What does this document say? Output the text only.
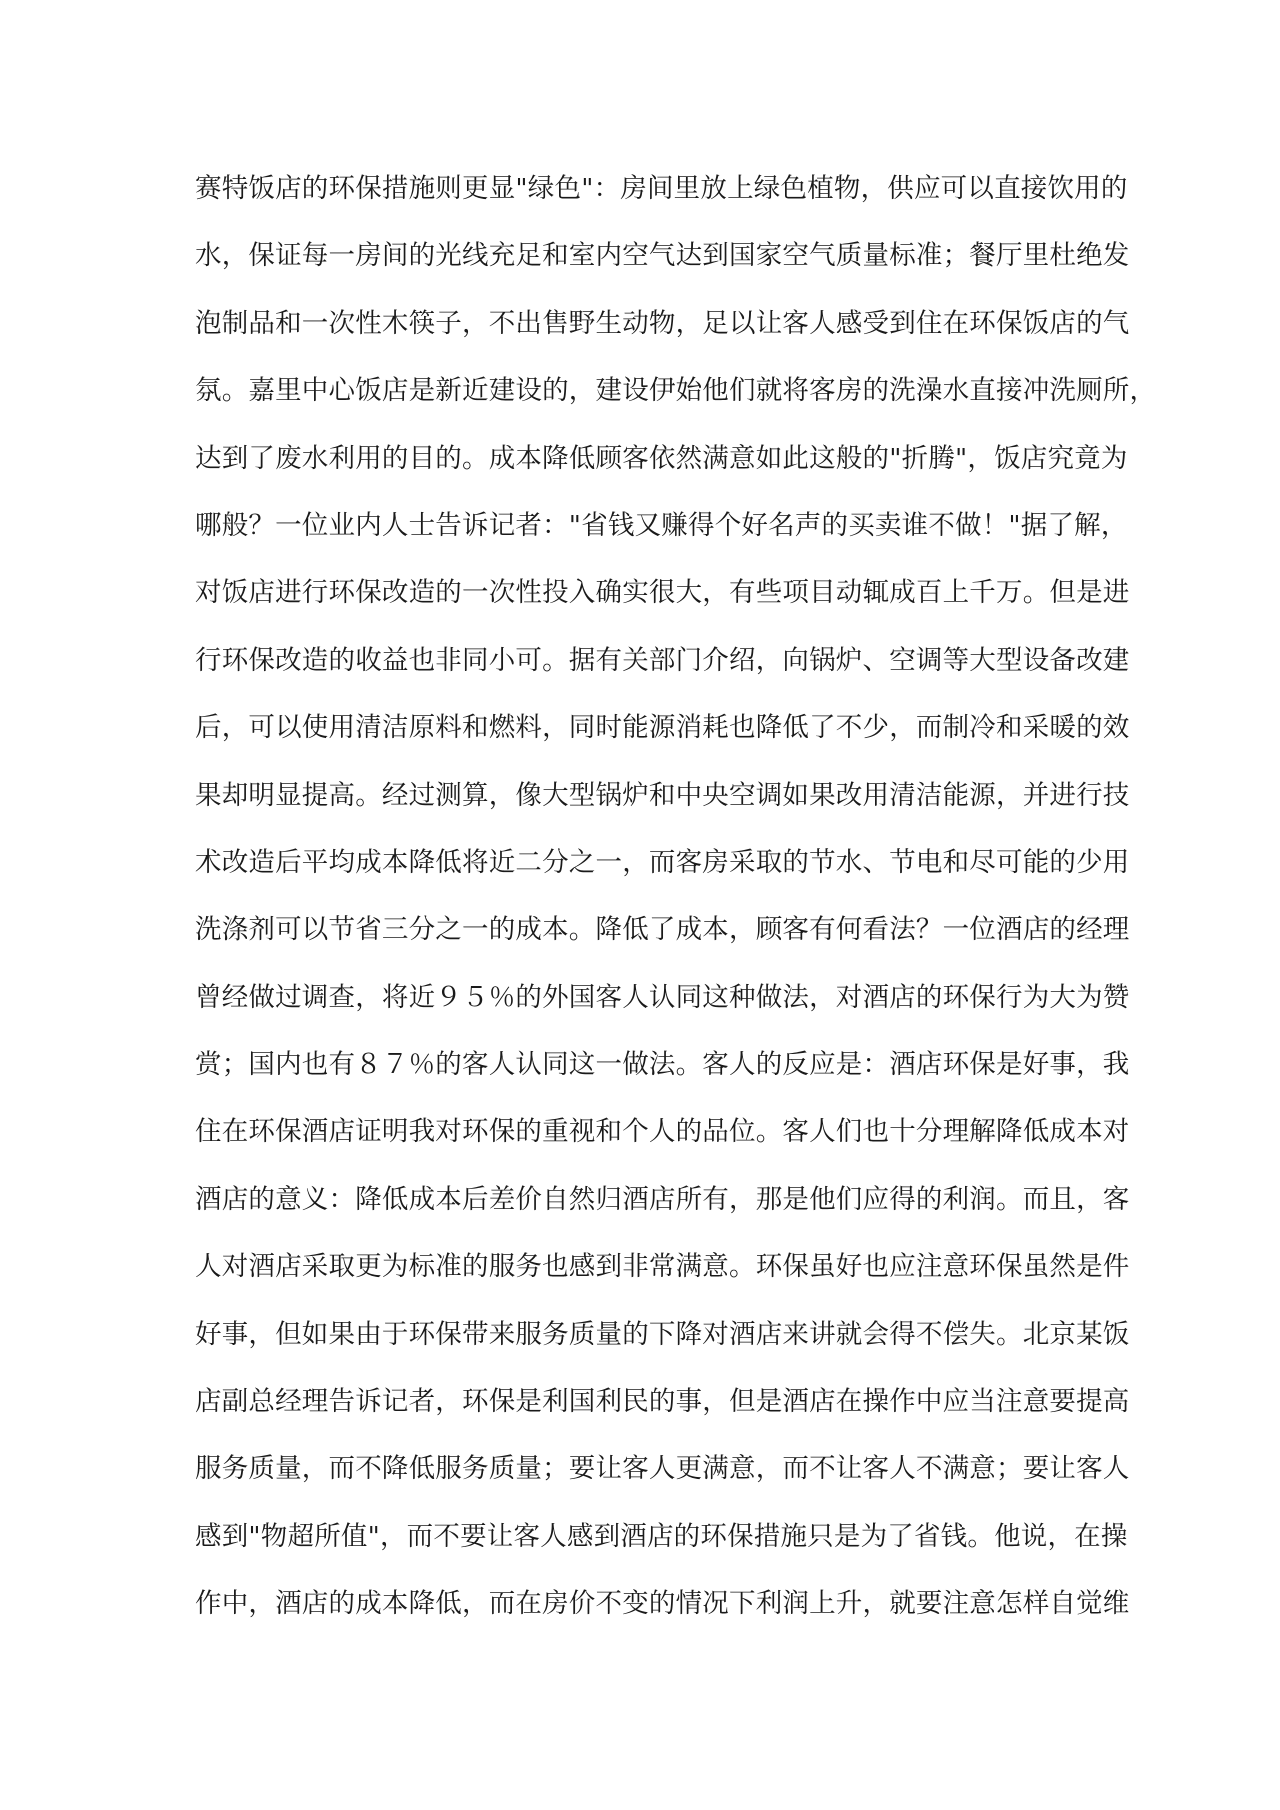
赛特饭店的环保措施则更显"绿色"：房间里放上绿色植物，供应可以直接饮用的
水，保证每一房间的光线充足和室内空气达到国家空气质量标准；餐厅里杜绝发
泡制品和一次性木筷子，不出售野生动物，足以让客人感受到住在环保饭店的气
氛。嘉里中心饭店是新近建设的，建设伊始他们就将客房的洗澡水直接冲洗厕所，
达到了废水利用的目的。成本降低顾客依然满意如此这般的"折腾"，饭店究竟为
哪般？一位业内人士告诉记者："省钱又赚得个好名声的买卖谁不做！"据了解，
对饭店进行环保改造的一次性投入确实很大，有些项目动辄成百上千万。但是进
行环保改造的收益也非同小可。据有关部门介绍，向锅炉、空调等大型设备改建
后，可以使用清洁原料和燃料，同时能源消耗也降低了不少，而制冷和采暖的效
果却明显提高。经过测算，像大型锅炉和中央空调如果改用清洁能源，并进行技
术改造后平均成本降低将近二分之一，而客房采取的节水、节电和尽可能的少用
洗涤剂可以节省三分之一的成本。降低了成本，顾客有何看法？一位酒店的经理
曾经做过调查，将近９５％的外国客人认同这种做法，对酒店的环保行为大为赞
赏；国内也有８７％的客人认同这一做法。客人的反应是：酒店环保是好事，我
住在环保酒店证明我对环保的重视和个人的品位。客人们也十分理解降低成本对
酒店的意义：降低成本后差价自然归酒店所有，那是他们应得的利润。而且，客
人对酒店采取更为标准的服务也感到非常满意。环保虽好也应注意环保虽然是件
好事，但如果由于环保带来服务质量的下降对酒店来讲就会得不偿失。北京某饭
店副总经理告诉记者，环保是利国利民的事，但是酒店在操作中应当注意要提高
服务质量，而不降低服务质量；要让客人更满意，而不让客人不满意；要让客人
感到"物超所值"，而不要让客人感到酒店的环保措施只是为了省钱。他说，在操
作中，酒店的成本降低，而在房价不变的情况下利润上升，就要注意怎样自觉维
